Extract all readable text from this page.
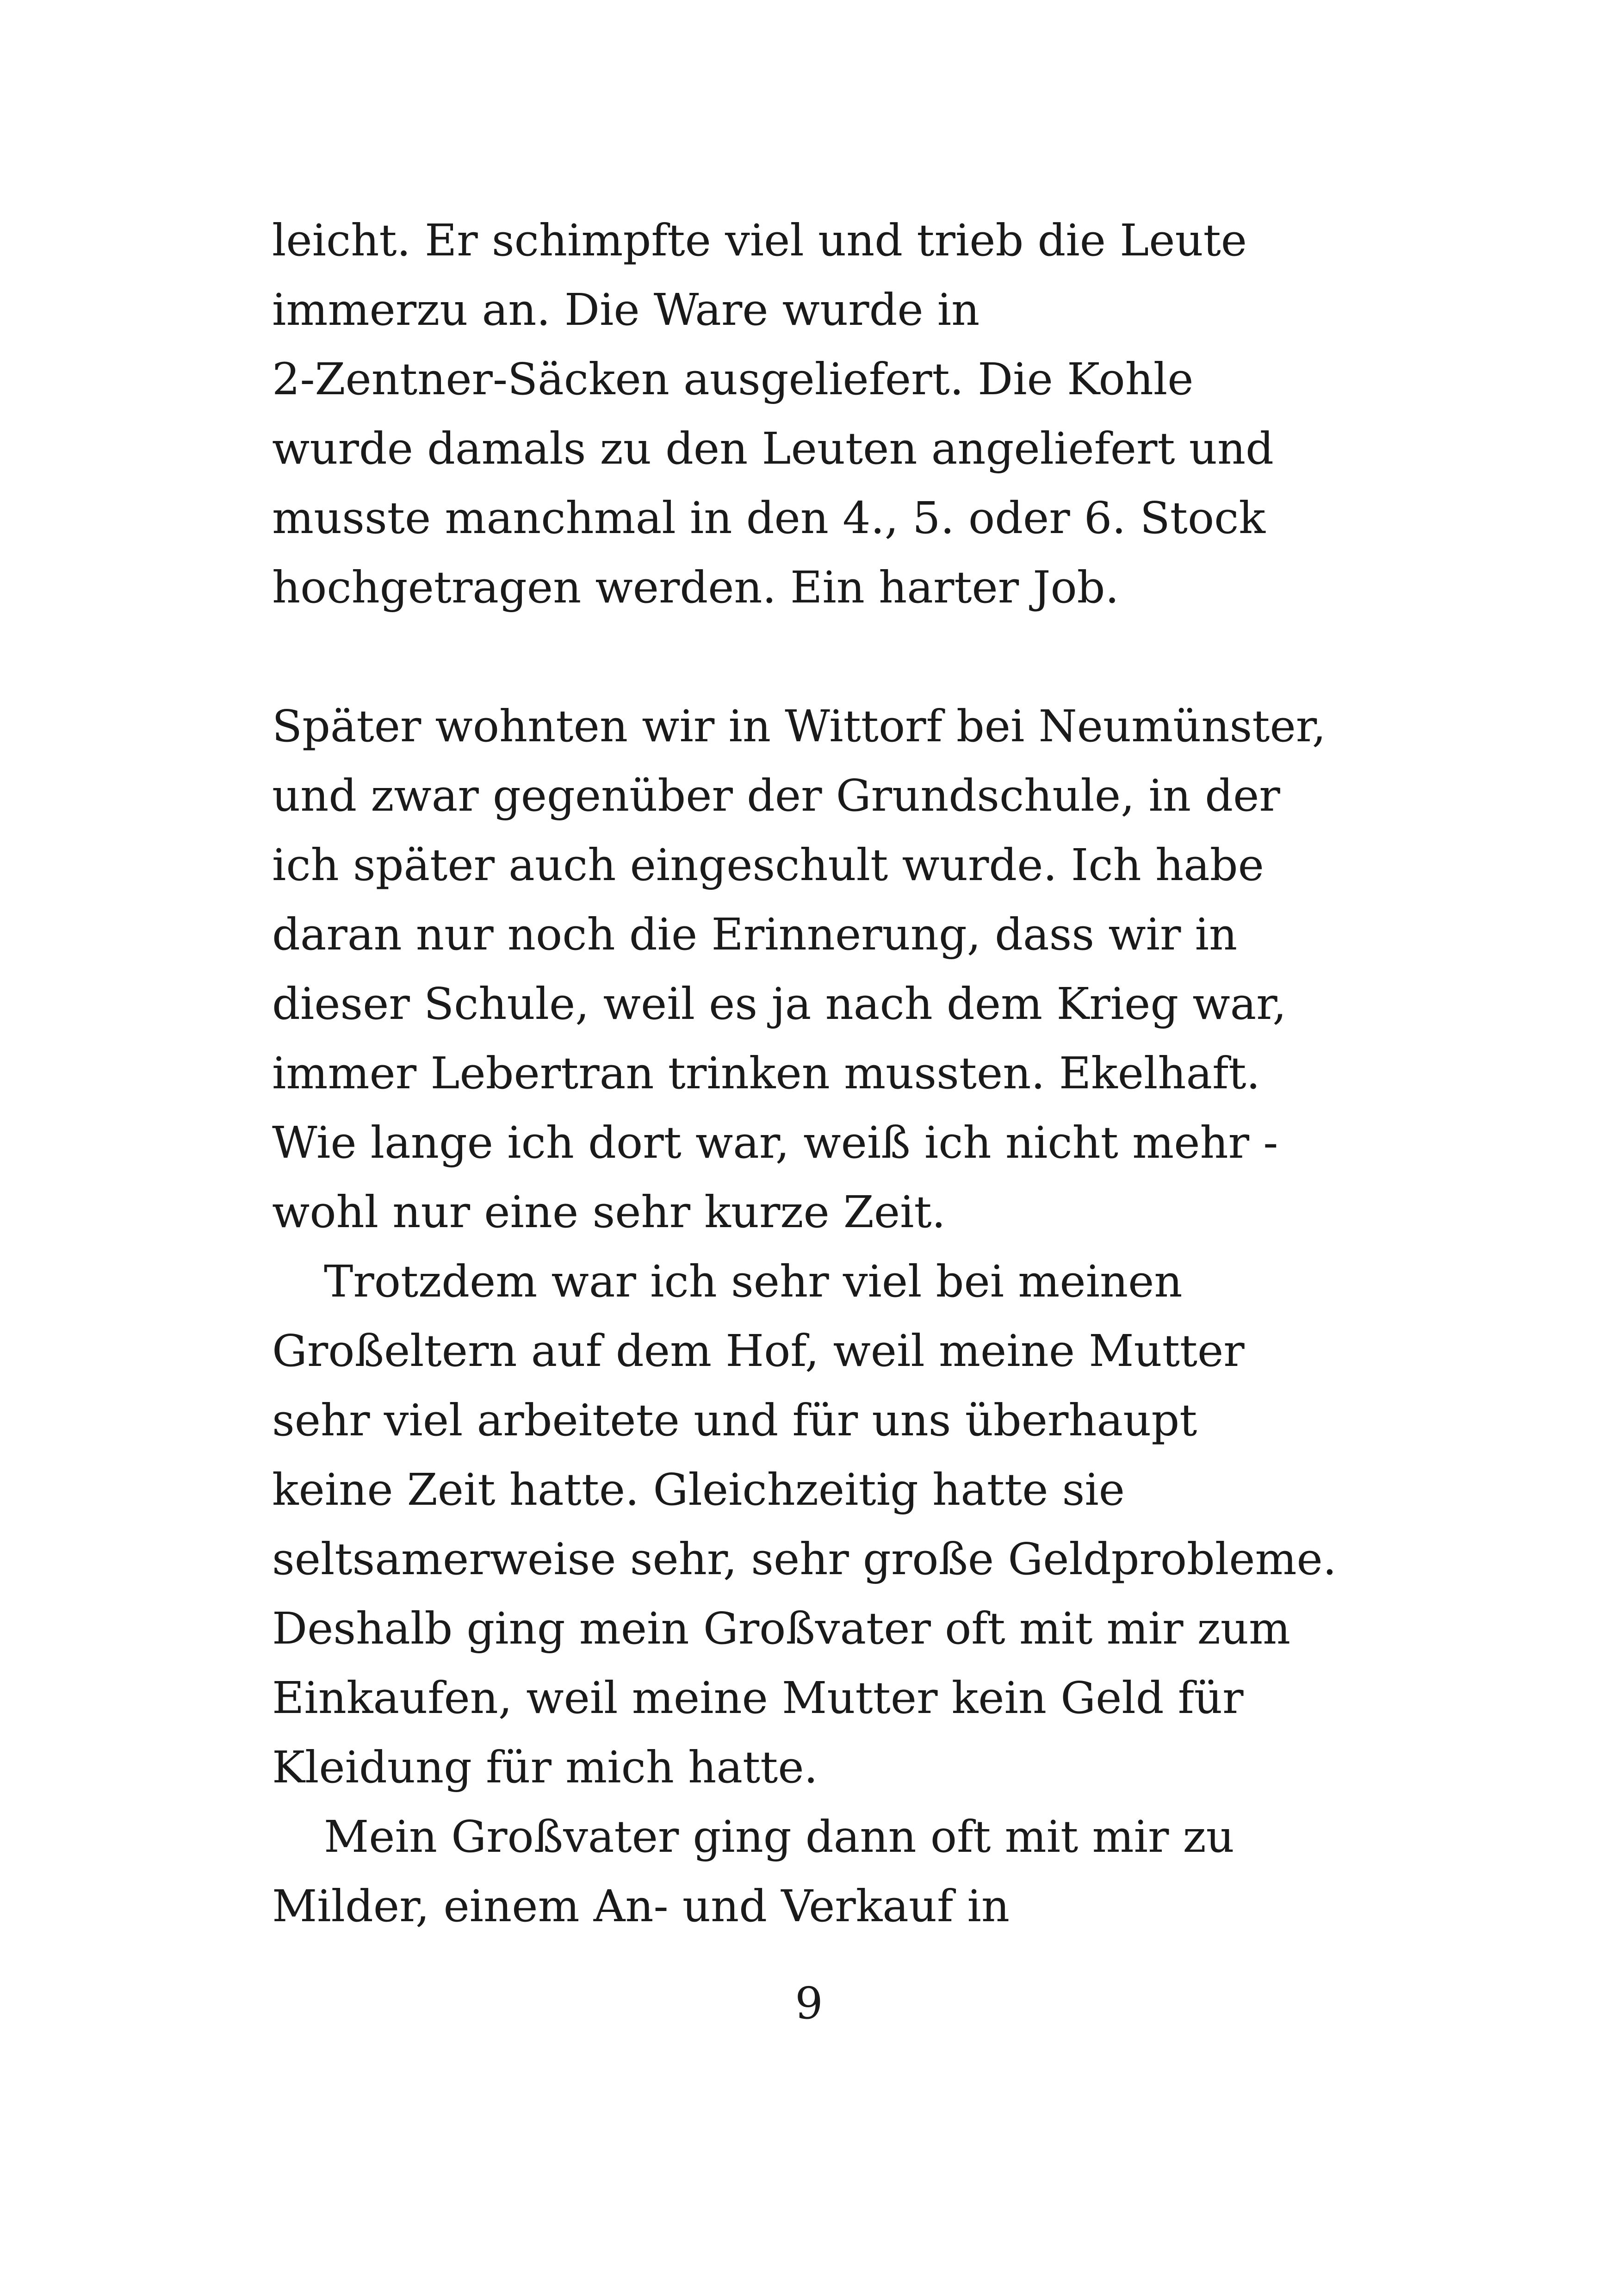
leicht. Er schimpfte viel und trieb die Leute
immerzu an. Die Ware wurde in
2-Zentner-Säcken ausgeliefert. Die Kohle
wurde damals zu den Leuten angeliefert und
musste manchmal in den 4., 5. oder 6. Stock
hochgetragen werden. Ein harter Job.
Später wohnten wir in Wittorf bei Neumünster,
und zwar gegenüber der Grundschule, in der
ich später auch eingeschult wurde. Ich habe
daran nur noch die Erinnerung, dass wir in
dieser Schule, weil es ja nach dem Krieg war,
immer Lebertran trinken mussten. Ekelhaft.
Wie lange ich dort war, weiß ich nicht mehr -
wohl nur eine sehr kurze Zeit.
Trotzdem war ich sehr viel bei meinen
Großeltern auf dem Hof, weil meine Mutter
sehr viel arbeitete und für uns überhaupt
keine Zeit hatte. Gleichzeitig hatte sie
seltsamerweise sehr, sehr große Geldprobleme.
Deshalb ging mein Großvater oft mit mir zum
Einkaufen, weil meine Mutter kein Geld für
Kleidung für mich hatte.
Mein Großvater ging dann oft mit mir zu
Milder, einem An- und Verkauf in
9
